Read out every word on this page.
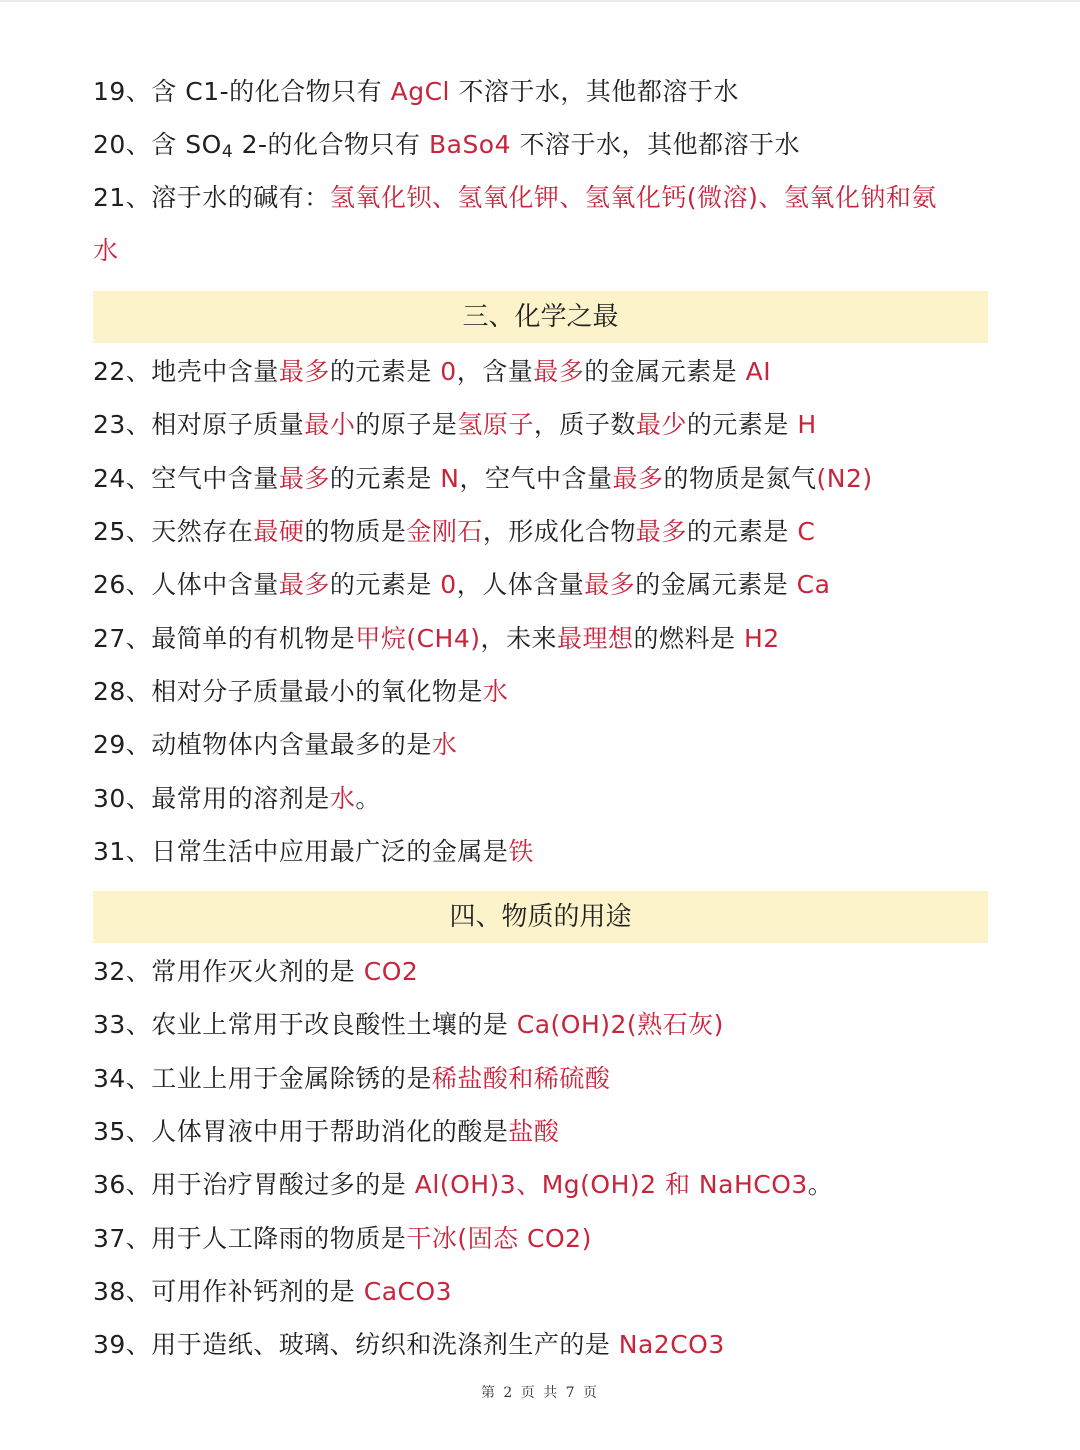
19、含 C1-的化合物只有 AgCl 不溶于水，其他都溶于水
20、含 $SO_4$ 2-的化合物只有 BaSo4 不溶于水，其他都溶于水
21、溶于水的碱有：氢氧化钡、氢氧化钾、氢氧化钙(微溶)、氢氧化钠和氨
水
三、化学之最
22、地壳中含量最多的元素是 0，含量最多的金属元素是 AI
23、相对原子质量最小的原子是氢原子，质子数最少的元素是 H
24、空气中含量最多的元素是 N，空气中含量最多的物质是氮气(N2)
25、天然存在最硬的物质是金刚石，形成化合物最多的元素是 C
26、人体中含量最多的元素是 0，人体含量最多的金属元素是 Ca
27、最简单的有机物是甲烷(CH4)，未来最理想的燃料是 H2
28、相对分子质量最小的氧化物是水
29、动植物体内含量最多的是水
30、最常用的溶剂是水。
31、日常生活中应用最广泛的金属是铁
四、物质的用途
32、常用作灭火剂的是 CO2
33、农业上常用于改良酸性土壤的是 Ca(OH)2(熟石灰)
34、工业上用于金属除锈的是稀盐酸和稀硫酸
35、人体胃液中用于帮助消化的酸是盐酸
36、用于治疗胃酸过多的是 Al(OH)3、Mg(OH)2 和 NaHCO3。
37、用于人工降雨的物质是干冰(固态 CO2)
38、可用作补钙剂的是 CaCO3
39、用于造纸、玻璃、纺织和洗涤剂生产的是 Na2CO3
第 2 页 共 7 页
